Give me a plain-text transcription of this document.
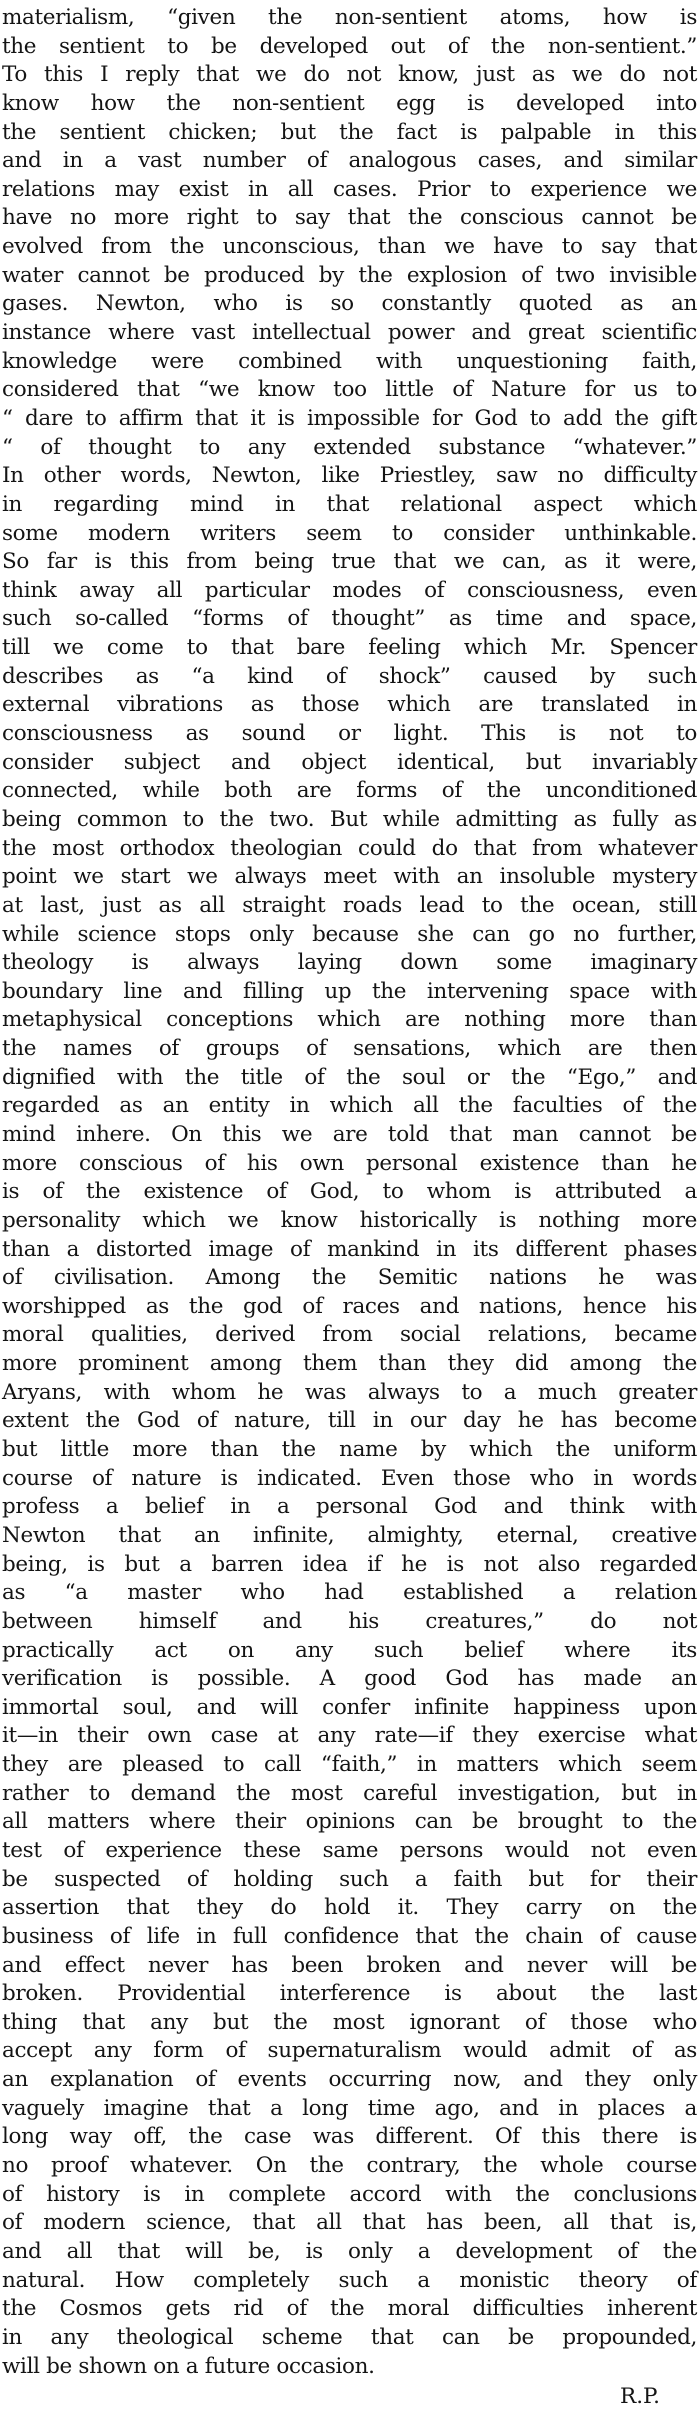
materialism, “given the non-sentient atoms, how is
the sentient to be developed out of the non-sentient.”
To this I reply that we do not know, just as we do not
know how the non-sentient egg is developed into
the sentient chicken; but the fact is palpable in this
and in a vast number of analogous cases, and similar
relations may exist in all cases. Prior to experience we
have no more right to say that the conscious cannot be
evolved from the unconscious, than we have to say that
water cannot be produced by the explosion of two invisible
gases. Newton, who is so constantly quoted as an
instance where vast intellectual power and great scientific
knowledge were combined with unquestioning faith,
considered that “we know too little of Nature for us to
“ dare to affirm that it is impossible for God to add the gift
“ of thought to any extended substance “whatever.”
In other words, Newton, like Priestley, saw no difficulty
in regarding mind in that relational aspect which
some modern writers seem to consider unthinkable.
So far is this from being true that we can, as it were,
think away all particular modes of consciousness, even
such so-called “forms of thought” as time and space,
till we come to that bare feeling which Mr. Spencer
describes as “a kind of shock” caused by such
external vibrations as those which are translated in
consciousness as sound or light. This is not to
consider subject and object identical, but invariably
connected, while both are forms of the unconditioned
being common to the two. But while admitting as fully as
the most orthodox theologian could do that from whatever
point we start we always meet with an insoluble mystery
at last, just as all straight roads lead to the ocean, still
while science stops only because she can go no further,
theology is always laying down some imaginary
boundary line and filling up the intervening space with
metaphysical conceptions which are nothing more than
the names of groups of sensations, which are then
dignified with the title of the soul or the “Ego,” and
regarded as an entity in which all the faculties of the
mind inhere. On this we are told that man cannot be
more conscious of his own personal existence than he
is of the existence of God, to whom is attributed a
personality which we know historically is nothing more
than a distorted image of mankind in its different phases
of civilisation. Among the Semitic nations he was
worshipped as the god of races and nations, hence his
moral qualities, derived from social relations, became
more prominent among them than they did among the
Aryans, with whom he was always to a much greater
extent the God of nature, till in our day he has become
but little more than the name by which the uniform
course of nature is indicated. Even those who in words
profess a belief in a personal God and think with
Newton that an infinite, almighty, eternal, creative
being, is but a barren idea if he is not also regarded
as “a master who had established a relation
between himself and his creatures,” do not
practically act on any such belief where its
verification is possible. A good God has made an
immortal soul, and will confer infinite happiness upon
it—in their own case at any rate—if they exercise what
they are pleased to call “faith,” in matters which seem
rather to demand the most careful investigation, but in
all matters where their opinions can be brought to the
test of experience these same persons would not even
be suspected of holding such a faith but for their
assertion that they do hold it. They carry on the
business of life in full confidence that the chain of cause
and effect never has been broken and never will be
broken. Providential interference is about the last
thing that any but the most ignorant of those who
accept any form of supernaturalism would admit of as
an explanation of events occurring now, and they only
vaguely imagine that a long time ago, and in places a
long way off, the case was different. Of this there is
no proof whatever. On the contrary, the whole course
of history is in complete accord with the conclusions
of modern science, that all that has been, all that is,
and all that will be, is only a development of the
natural. How completely such a monistic theory of
the Cosmos gets rid of the moral difficulties inherent
in any theological scheme that can be propounded,
will be shown on a future occasion.
R.P.
